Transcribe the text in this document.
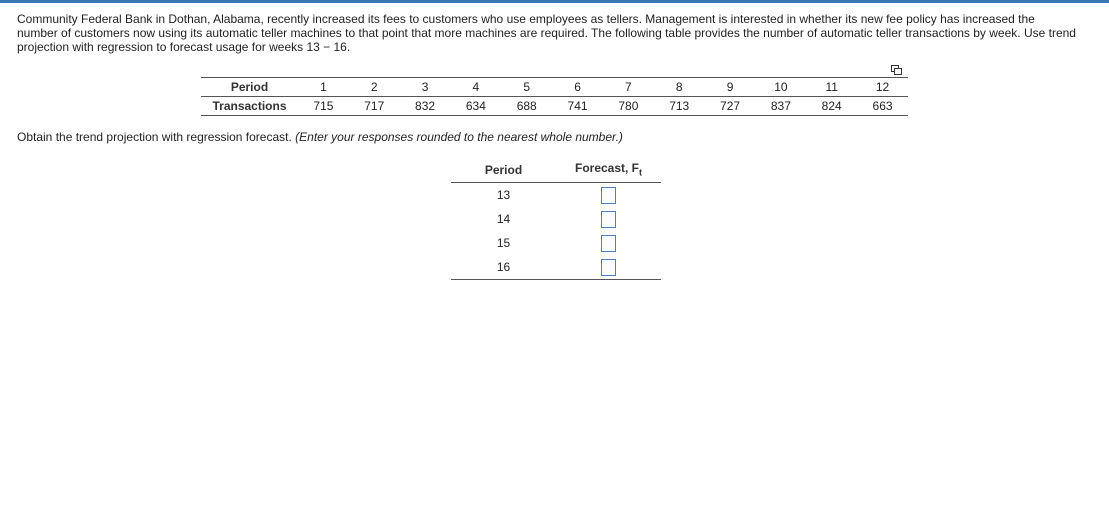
Community Federal Bank in Dothan, Alabama, recently increased its fees to customers who use employees as tellers. Management is interested in whether its new fee policy has increased the number of customers now using its automatic teller machines to that point that more machines are required. The following table provides the number of automatic teller transactions by week. Use trend projection with regression to forecast usage for weeks 13 − 16.
Period	1	2	3	4	5	6	7	8	9	10	11	12
Transactions	715	717	832	634	688	741	780	713	727	837	824	663
Obtain the trend projection with regression forecast. (Enter your responses rounded to the nearest whole number.)
Period	Forecast, $F_t$
13	
14	
15	
16	
